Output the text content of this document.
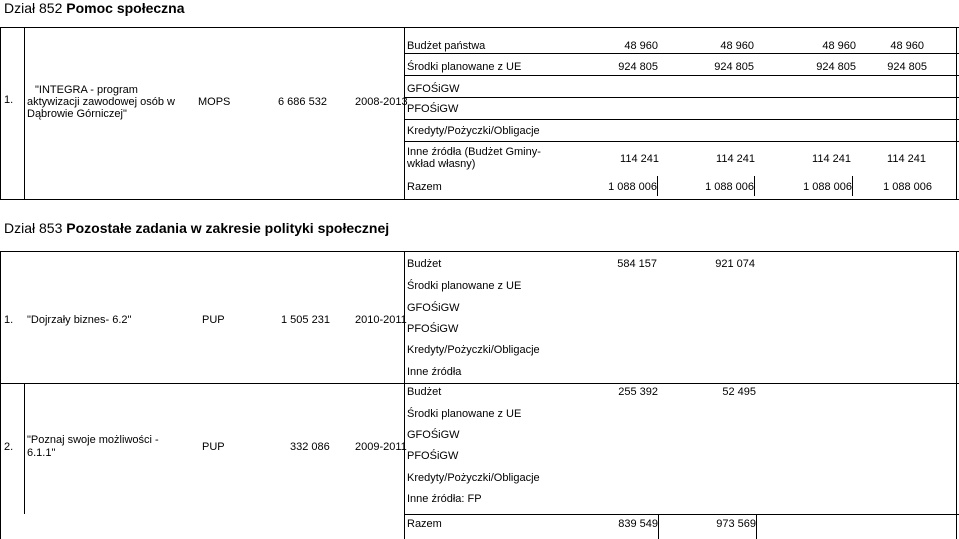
Dział 852 Pomoc społeczna
1.
"INTEGRA - program
aktywizacji zawodowej osób w
Dąbrowie Górniczej"
MOPS	6 686 532	2008-2013
Budżet państwa	48 960	48 960	48 960	48 960
Środki planowane z UE	924 805	924 805	924 805	924 805
GFOŚiGW
PFOŚiGW
Kredyty/Pożyczki/Obligacje
Inne źródła (Budżet Gminy-
wkład własny)	114 241	114 241	114 241	114 241
Razem	1 088 006	1 088 006	1 088 006	1 088 006
Dział 853 Pozostałe zadania w zakresie polityki społecznej
1. "Dojrzały biznes- 6.2"	PUP	1 505 231 2010-2011
Budżet	584 157	921 074
Środki planowane z UE
GFOŚiGW
PFOŚiGW
Kredyty/Pożyczki/Obligacje
Inne źródła
2.
"Poznaj swoje możliwości -
6.1.1"	PUP	332 086 2009-2011
Budżet	255 392	52 495
Środki planowane z UE
GFOŚiGW
PFOŚiGW
Kredyty/Pożyczki/Obligacje
Inne źródła: FP
Razem	839 549	973 569
